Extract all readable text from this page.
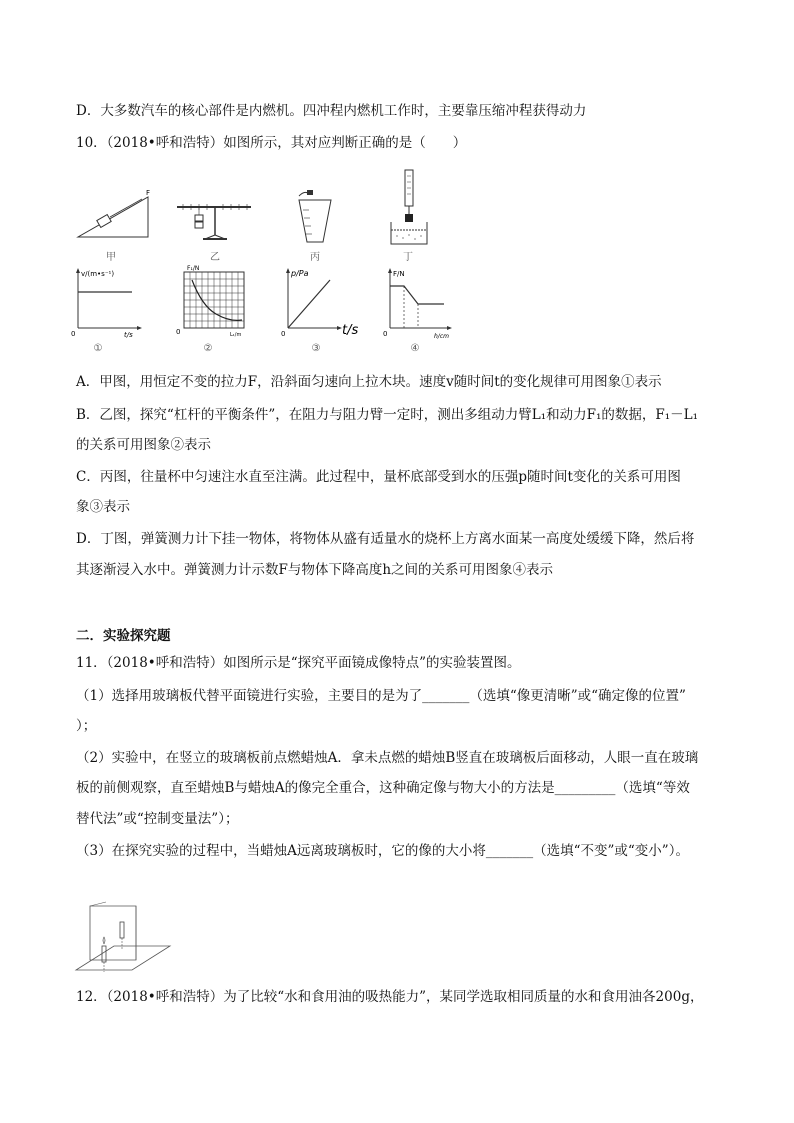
D．大多数汽车的核心部件是内燃机。四冲程内燃机工作时，主要靠压缩冲程获得动力
10．（2018•呼和浩特）如图所示，其对应判断正确的是（　　）
F
甲	乙	丙	丁
v/(m•s⁻¹)
t/s
0
①
F₁/N
L₁/m
0
②
p/Pa
t/s
0
③
F/N
h/cm
0
④
A．甲图，用恒定不变的拉力F，沿斜面匀速向上拉木块。速度v随时间t的变化规律可用图象①表示
B．乙图，探究“杠杆的平衡条件”，在阻力与阻力臂一定时，测出多组动力臂L₁和动力F₁的数据，F₁－L₁
的关系可用图象②表示
C．丙图，往量杯中匀速注水直至注满。此过程中，量杯底部受到水的压强p随时间t变化的关系可用图
象③表示
D．丁图，弹簧测力计下挂一物体，将物体从盛有适量水的烧杯上方离水面某一高度处缓缓下降，然后将
其逐渐浸入水中。弹簧测力计示数F与物体下降高度h之间的关系可用图象④表示
二．实验探究题
11．（2018•呼和浩特）如图所示是“探究平面镜成像特点”的实验装置图。
（1）选择用玻璃板代替平面镜进行实验，主要目的是为了_______（选填“像更清晰”或“确定像的位置”
）；
（2）实验中，在竖立的玻璃板前点燃蜡烛A．拿未点燃的蜡烛B竖直在玻璃板后面移动，人眼一直在玻璃
板的前侧观察，直至蜡烛B与蜡烛A的像完全重合，这种确定像与物大小的方法是_________（选填“等效
替代法”或“控制变量法”）；
（3）在探究实验的过程中，当蜡烛A远离玻璃板时，它的像的大小将_______（选填“不变”或“变小”）。
12．（2018•呼和浩特）为了比较“水和食用油的吸热能力”，某同学选取相同质量的水和食用油各200g，
